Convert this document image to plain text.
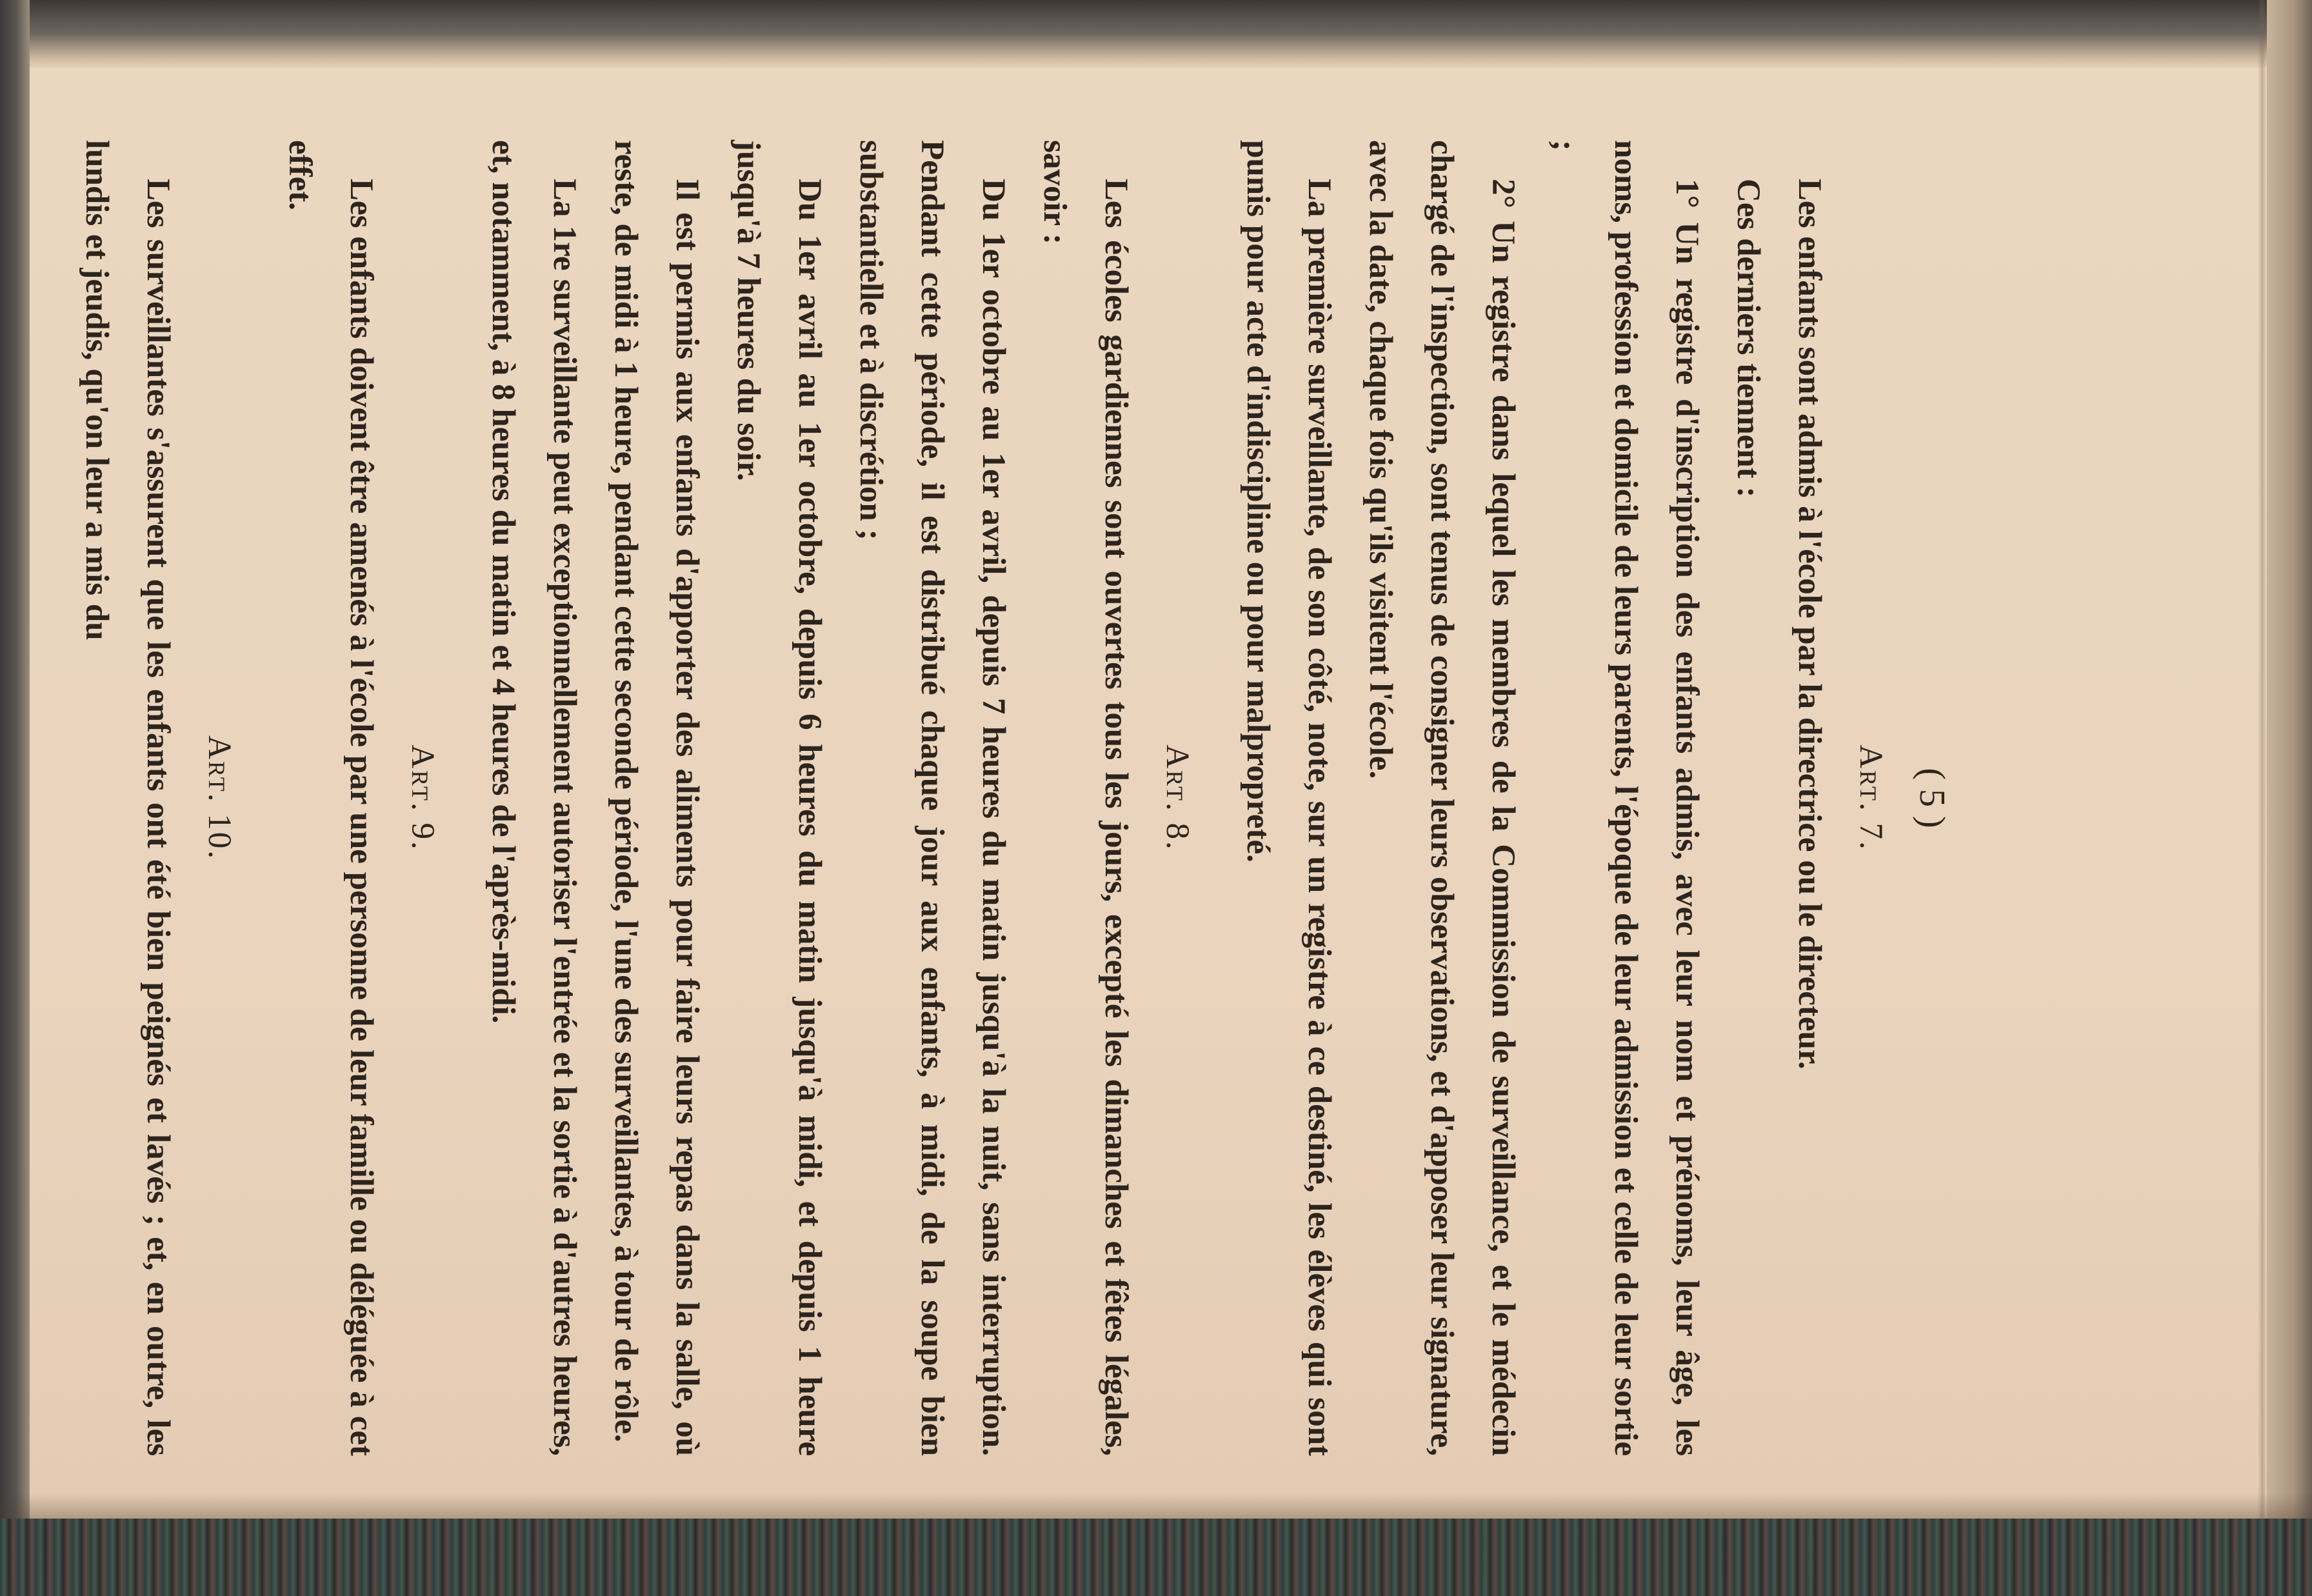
( 5 )

Art. 7.

Les enfants sont admis à l'école par la directrice ou le directeur.

Ces derniers tiennent :

1° Un registre d'inscription des enfants admis, avec leur nom et prénoms, leur âge, les noms, profession et domicile de leurs parents, l'époque de leur admission et celle de leur sortie ;

2° Un registre dans lequel les membres de la Commission de surveillance, et le médecin chargé de l'inspection, sont tenus de consigner leurs observations, et d'apposer leur signature, avec la date, chaque fois qu'ils visitent l'école.

La première surveillante, de son côté, note, sur un registre à ce destiné, les élèves qui sont punis pour acte d'indiscipline ou pour malpropreté.

Art. 8.

Les écoles gardiennes sont ouvertes tous les jours, excepté les dimanches et fêtes légales, savoir :

Du 1er octobre au 1er avril, depuis 7 heures du matin jusqu'à la nuit, sans interruption. Pendant cette période, il est distribué chaque jour aux enfants, à midi, de la soupe bien substantielle et à discrétion ;

Du 1er avril au 1er octobre, depuis 6 heures du matin jusqu'à midi, et depuis 1 heure jusqu'à 7 heures du soir.

Il est permis aux enfants d'apporter des aliments pour faire leurs repas dans la salle, où reste, de midi à 1 heure, pendant cette seconde période, l'une des surveillantes, à tour de rôle.

La 1re surveillante peut exceptionnellement autoriser l'entrée et la sortie à d'autres heures, et, notamment, à 8 heures du matin et 4 heures de l'après-midi.

Art. 9.

Les enfants doivent être amenés à l'école par une personne de leur famille ou déléguée à cet effet.

Art. 10.

Les surveillantes s'assurent que les enfants ont été bien peignés et lavés ; et, en outre, les lundis et jeudis, qu'on leur a mis du
